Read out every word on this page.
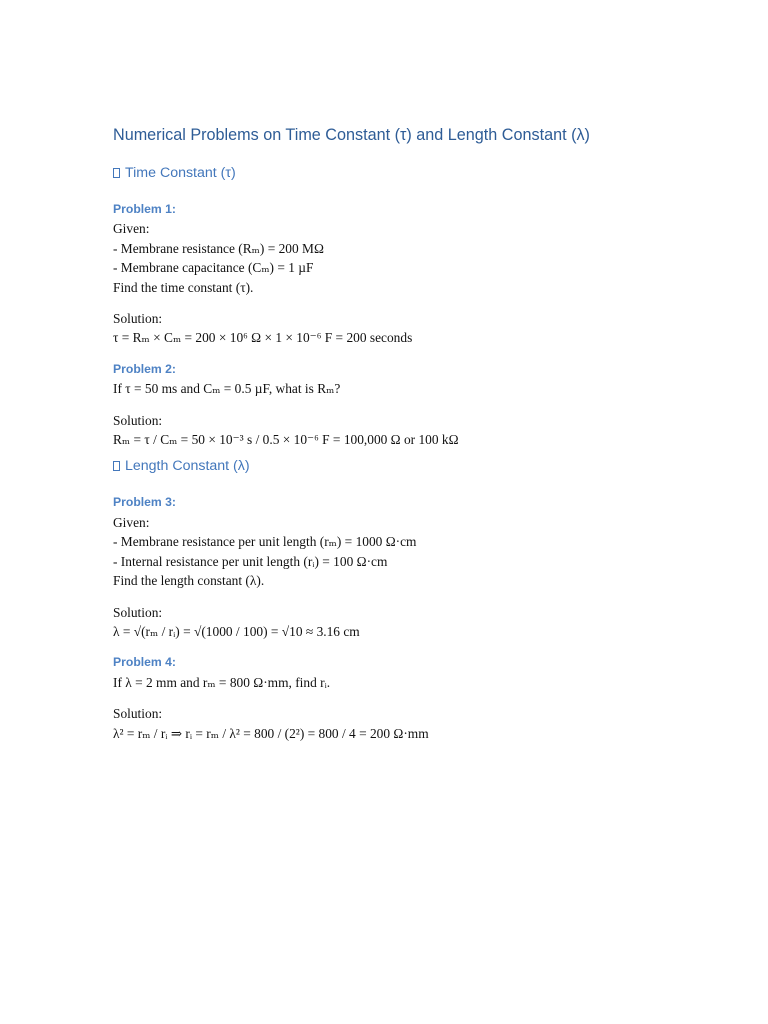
Numerical Problems on Time Constant (τ) and Length Constant (λ)
Time Constant (τ)
Problem 1:
Given:
- Membrane resistance (Rₘ) = 200 MΩ
- Membrane capacitance (Cₘ) = 1 µF
Find the time constant (τ).
Solution:
τ = Rₘ × Cₘ = 200 × 10⁶ Ω × 1 × 10⁻⁶ F = 200 seconds
Problem 2:
If τ = 50 ms and Cₘ = 0.5 µF, what is Rₘ?
Solution:
Rₘ = τ / Cₘ = 50 × 10⁻³ s / 0.5 × 10⁻⁶ F = 100,000 Ω or 100 kΩ
Length Constant (λ)
Problem 3:
Given:
- Membrane resistance per unit length (rₘ) = 1000 Ω·cm
- Internal resistance per unit length (rᵢ) = 100 Ω·cm
Find the length constant (λ).
Solution:
λ = √(rₘ / rᵢ) = √(1000 / 100) = √10 ≈ 3.16 cm
Problem 4:
If λ = 2 mm and rₘ = 800 Ω·mm, find rᵢ.
Solution:
λ² = rₘ / rᵢ ⇒ rᵢ = rₘ / λ² = 800 / (2²) = 800 / 4 = 200 Ω·mm
